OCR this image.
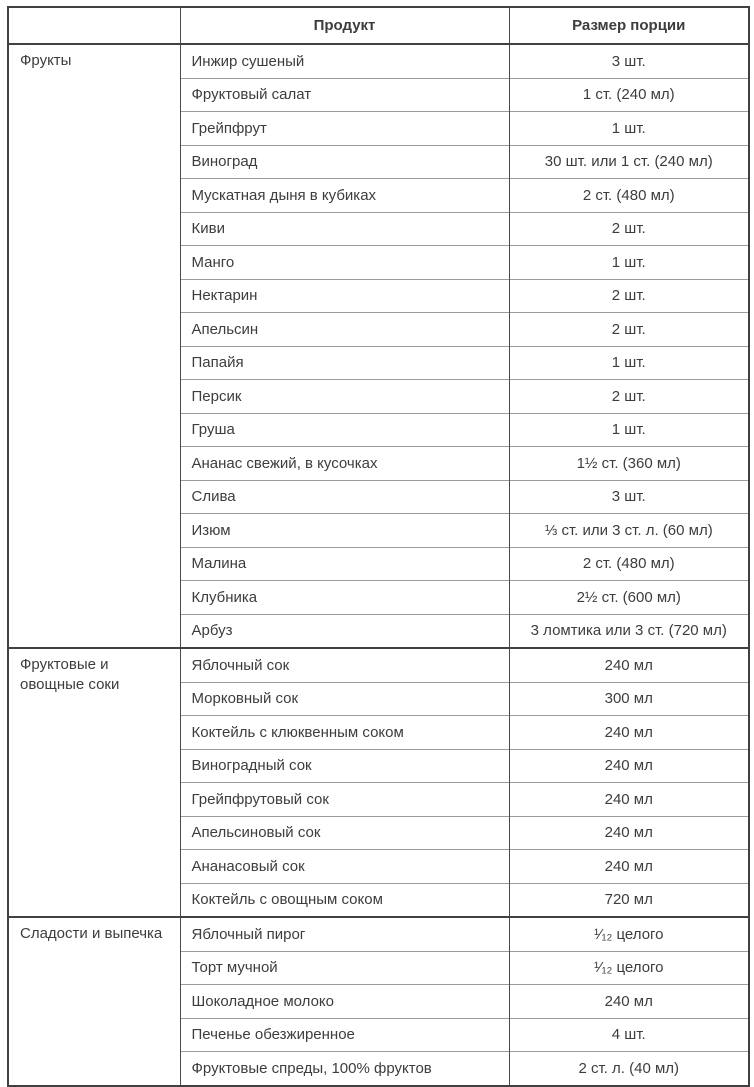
	Продукт	Размер порции
Фрукты	Инжир сушеный	3 шт.
	Фруктовый салат	1 ст. (240 мл)
	Грейпфрут	1 шт.
	Виноград	30 шт. или 1 ст. (240 мл)
	Мускатная дыня в кубиках	2 ст. (480 мл)
	Киви	2 шт.
	Манго	1 шт.
	Нектарин	2 шт.
	Апельсин	2 шт.
	Папайя	1 шт.
	Персик	2 шт.
	Груша	1 шт.
	Ананас свежий, в кусочках	1½ ст. (360 мл)
	Слива	3 шт.
	Изюм	⅓ ст. или 3 ст. л. (60 мл)
	Малина	2 ст. (480 мл)
	Клубника	2½ ст. (600 мл)
	Арбуз	3 ломтика или 3 ст. (720 мл)
Фруктовые и овощные соки	Яблочный сок	240 мл
	Морковный сок	300 мл
	Коктейль с клюквенным соком	240 мл
	Виноградный сок	240 мл
	Грейпфрутовый сок	240 мл
	Апельсиновый сок	240 мл
	Ананасовый сок	240 мл
	Коктейль с овощным соком	720 мл
Сладости и выпечка	Яблочный пирог	¹⁄₁₂ целого
	Торт мучной	¹⁄₁₂ целого
	Шоколадное молоко	240 мл
	Печенье обезжиренное	4 шт.
	Фруктовые спреды, 100% фруктов	2 ст. л. (40 мл)
